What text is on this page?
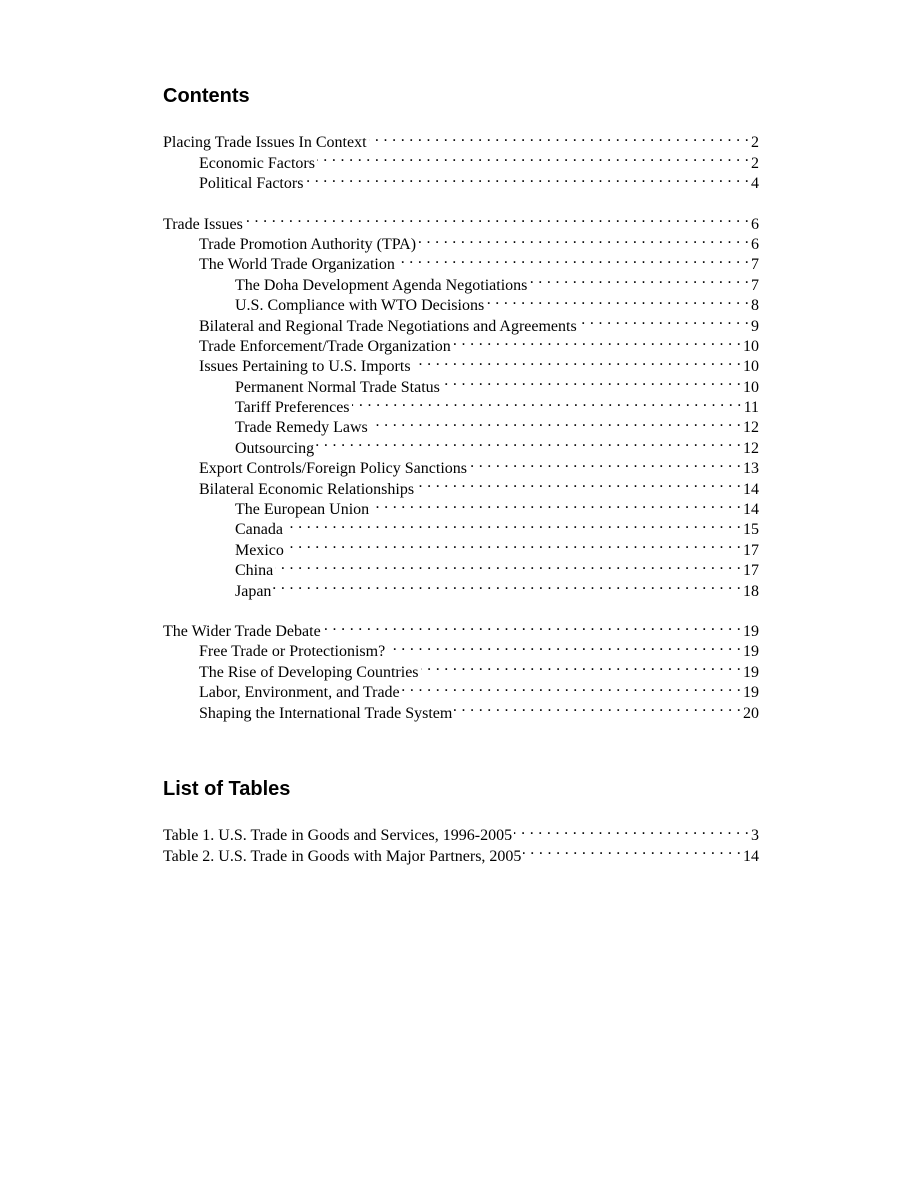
Contents
Placing Trade Issues In Context . . .	2
Economic Factors . . .	2
Political Factors . . .	4
Trade Issues . . .	6
Trade Promotion Authority (TPA) . . .	6
The World Trade Organization . . .	7
The Doha Development Agenda Negotiations . . .	7
U.S. Compliance with WTO Decisions . . .	8
Bilateral and Regional Trade Negotiations and Agreements . . .	9
Trade Enforcement/Trade Organization . . .	10
Issues Pertaining to U.S. Imports . . .	10
Permanent Normal Trade Status . . .	10
Tariff Preferences . . .	11
Trade Remedy Laws . . .	12
Outsourcing . . .	12
Export Controls/Foreign Policy Sanctions . . .	13
Bilateral Economic Relationships . . .	14
The European Union . . .	14
Canada . . .	15
Mexico . . .	17
China . . .	17
Japan . . .	18
The Wider Trade Debate . . .	19
Free Trade or Protectionism? . . .	19
The Rise of Developing Countries . . .	19
Labor, Environment, and Trade . . .	19
Shaping the International Trade System . . .	20
List of Tables
Table 1. U.S. Trade in Goods and Services, 1996-2005 . . .	3
Table 2. U.S. Trade in Goods with Major Partners, 2005 . . .	14
